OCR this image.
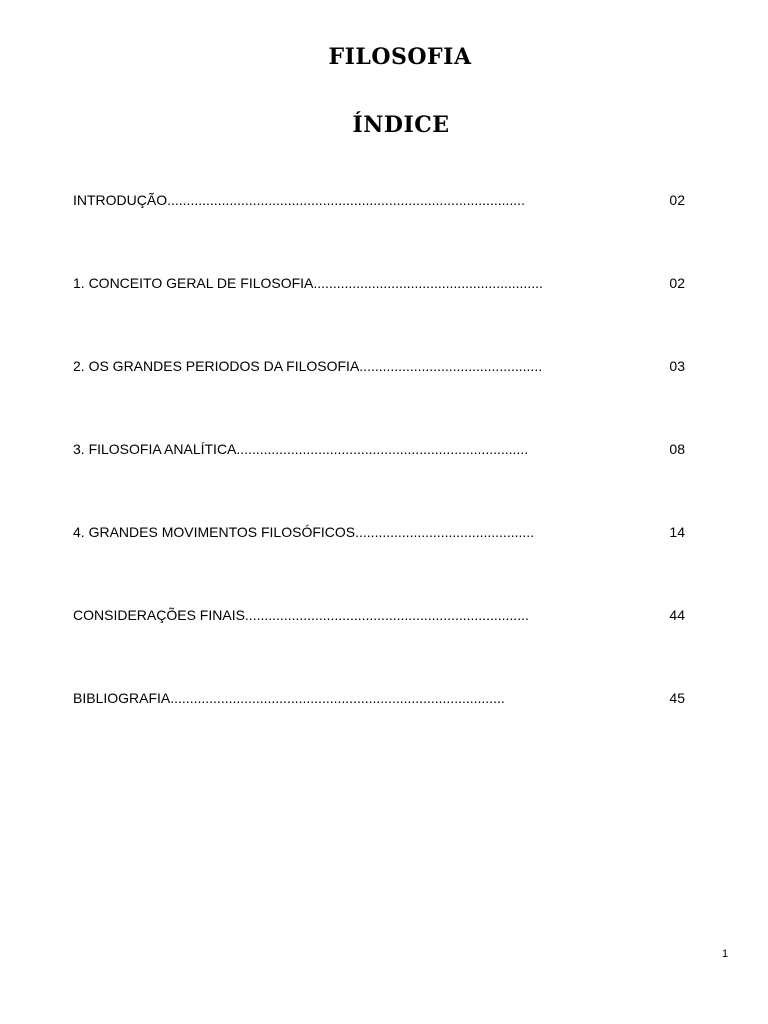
FILOSOFIA
ÍNDICE
INTRODUÇÃO............................................................................................	02
1. CONCEITO GERAL DE FILOSOFIA...........................................................	02
2. OS GRANDES PERIODOS DA FILOSOFIA...............................................	03
3. FILOSOFIA ANALÍTICA...........................................................................	08
4. GRANDES MOVIMENTOS FILOSÓFICOS..............................................	14
CONSIDERAÇÕES FINAIS.........................................................................	44
BIBLIOGRAFIA......................................................................................	45
1
